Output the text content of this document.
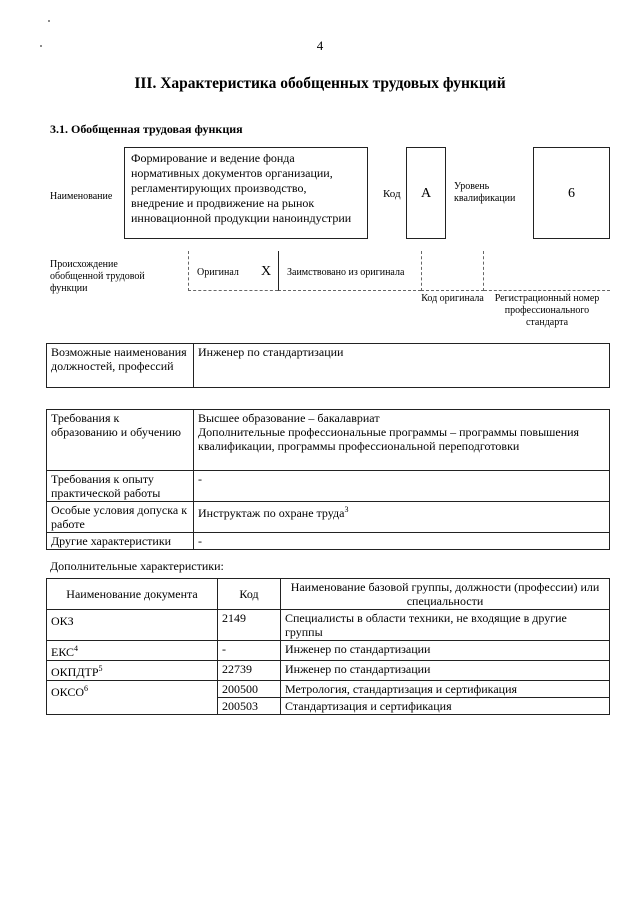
4
III. Характеристика обобщенных трудовых функций
3.1. Обобщенная трудовая функция
Наименование
Формирование и ведение фонда нормативных документов организации, регламентирующих производство, внедрение и продвижение на рынок инновационной продукции наноиндустрии
Код	A	Уровень квалификации	6
Происхождение обобщенной трудовой функции
Оригинал X Заимствовано из оригинала
Код оригинала	Регистрационный номер профессионального стандарта
Возможные наименования должностей, профессий	Инженер по стандартизации
Требования к образованию и обучению	Высшее образование – бакалавриат
Дополнительные профессиональные программы – программы повышения квалификации, программы профессиональной переподготовки
Требования к опыту практической работы	-
Особые условия допуска к работе	Инструктаж по охране труда$^3$
Другие характеристики	-
Дополнительные характеристики:
Наименование документа	Код	Наименование базовой группы, должности (профессии) или специальности
ОКЗ	2149	Специалисты в области техники, не входящие в другие группы
ЕКС$^4$	-	Инженер по стандартизации
ОКПДТР$^5$	22739	Инженер по стандартизации
ОКСО$^6$	200500	Метрология, стандартизация и сертификация
	200503	Стандартизация и сертификация
